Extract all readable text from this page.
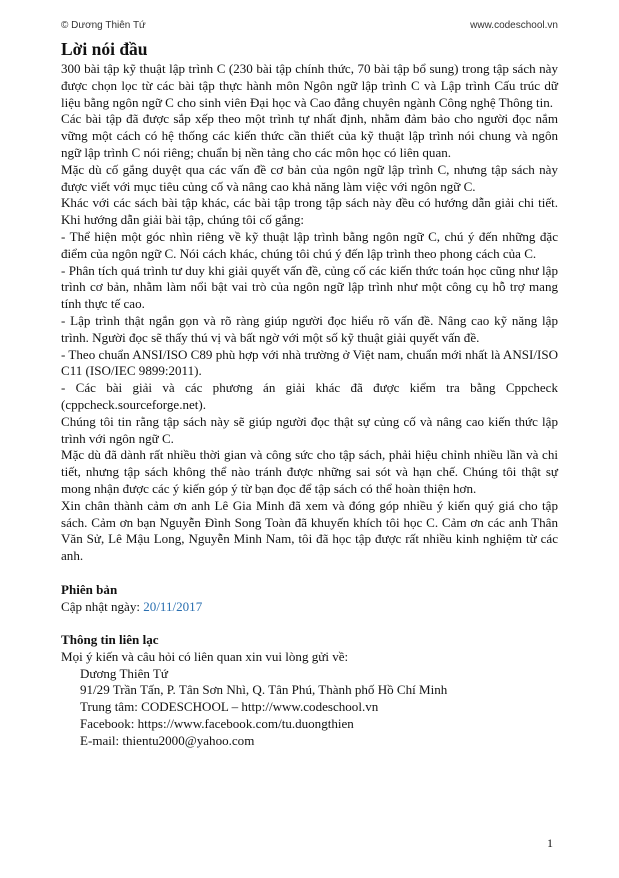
© Dương Thiên Tứ	www.codeschool.vn
Lời nói đầu

300 bài tập kỹ thuật lập trình C (230 bài tập chính thức, 70 bài tập bổ sung) trong tập sách này được chọn lọc từ các bài tập thực hành môn Ngôn ngữ lập trình C và Lập trình Cấu trúc dữ liệu bằng ngôn ngữ C cho sinh viên Đại học và Cao đẳng chuyên ngành Công nghệ Thông tin.

Các bài tập đã được sắp xếp theo một trình tự nhất định, nhằm đảm bảo cho người đọc nắm vững một cách có hệ thống các kiến thức cần thiết của kỹ thuật lập trình nói chung và ngôn ngữ lập trình C nói riêng; chuẩn bị nền tảng cho các môn học có liên quan.

Mặc dù cố gắng duyệt qua các vấn đề cơ bản của ngôn ngữ lập trình C, nhưng tập sách này được viết với mục tiêu củng cố và nâng cao khả năng làm việc với ngôn ngữ C.

Khác với các sách bài tập khác, các bài tập trong tập sách này đều có hướng dẫn giải chi tiết. Khi hướng dẫn giải bài tập, chúng tôi cố gắng:

- Thể hiện một góc nhìn riêng về kỹ thuật lập trình bằng ngôn ngữ C, chú ý đến những đặc điểm của ngôn ngữ C. Nói cách khác, chúng tôi chú ý đến lập trình theo phong cách của C.

- Phân tích quá trình tư duy khi giải quyết vấn đề, củng cố các kiến thức toán học cũng như lập trình cơ bản, nhằm làm nổi bật vai trò của ngôn ngữ lập trình như một công cụ hỗ trợ mang tính thực tế cao.

- Lập trình thật ngắn gọn và rõ ràng giúp người đọc hiểu rõ vấn đề. Nâng cao kỹ năng lập trình. Người đọc sẽ thấy thú vị và bất ngờ với một số kỹ thuật giải quyết vấn đề.

- Theo chuẩn ANSI/ISO C89 phù hợp với nhà trường ở Việt nam, chuẩn mới nhất là ANSI/ISO C11 (ISO/IEC 9899:2011).

- Các bài giải và các phương án giải khác đã được kiểm tra bằng Cppcheck (cppcheck.sourceforge.net).

Chúng tôi tin rằng tập sách này sẽ giúp người đọc thật sự củng cố và nâng cao kiến thức lập trình với ngôn ngữ C.

Mặc dù đã dành rất nhiều thời gian và công sức cho tập sách, phải hiệu chỉnh nhiều lần và chi tiết, nhưng tập sách không thể nào tránh được những sai sót và hạn chế. Chúng tôi thật sự mong nhận được các ý kiến góp ý từ bạn đọc để tập sách có thể hoàn thiện hơn.

Xin chân thành cảm ơn anh Lê Gia Minh đã xem và đóng góp nhiều ý kiến quý giá cho tập sách. Cảm ơn bạn Nguyễn Đình Song Toàn đã khuyến khích tôi học C. Cảm ơn các anh Thân Văn Sử, Lê Mậu Long, Nguyễn Minh Nam, tôi đã học tập được rất nhiều kinh nghiệm từ các anh.

Phiên bản
Cập nhật ngày: 20/11/2017
Thông tin liên lạc
Mọi ý kiến và câu hỏi có liên quan xin vui lòng gửi về:
Dương Thiên Tứ
91/29 Trần Tấn, P. Tân Sơn Nhì, Q. Tân Phú, Thành phố Hồ Chí Minh
Trung tâm: CODESCHOOL – http://www.codeschool.vn
Facebook: https://www.facebook.com/tu.duongthien
E-mail: thientu2000@yahoo.com
1
